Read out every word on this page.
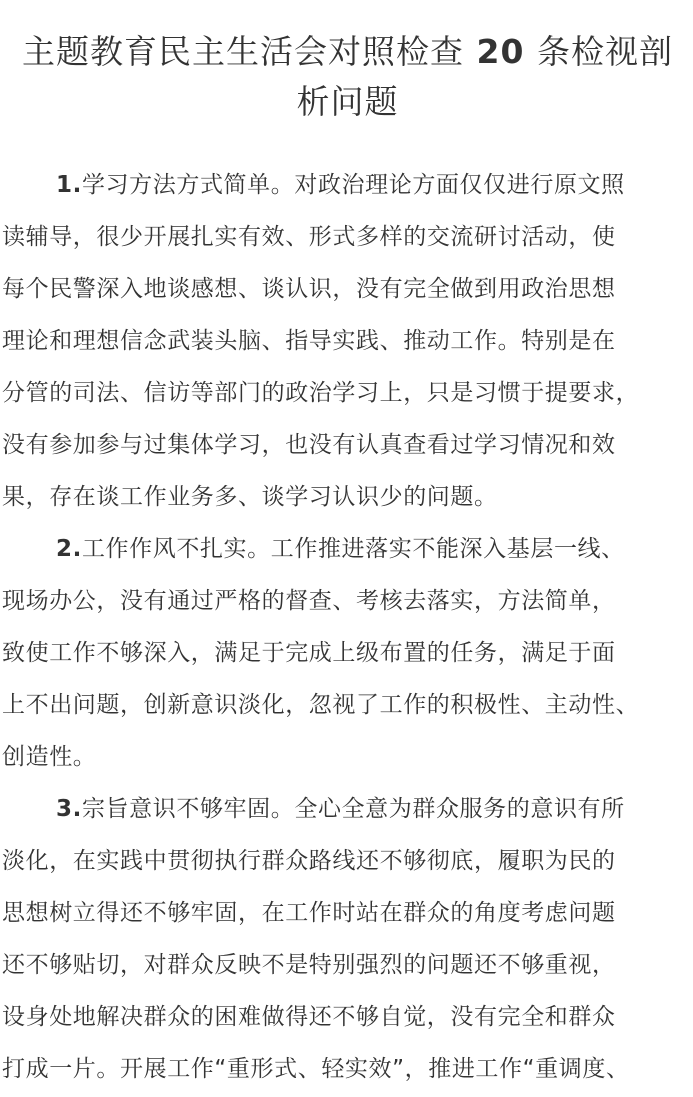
主题教育民主生活会对照检查 20 条检视剖
析问题

1.学习方法方式简单。对政治理论方面仅仅进行原文照
读辅导，很少开展扎实有效、形式多样的交流研讨活动，使
每个民警深入地谈感想、谈认识，没有完全做到用政治思想
理论和理想信念武装头脑、指导实践、推动工作。特别是在
分管的司法、信访等部门的政治学习上，只是习惯于提要求，
没有参加参与过集体学习，也没有认真查看过学习情况和效
果，存在谈工作业务多、谈学习认识少的问题。

2.工作作风不扎实。工作推进落实不能深入基层一线、
现场办公，没有通过严格的督查、考核去落实，方法简单，
致使工作不够深入，满足于完成上级布置的任务，满足于面
上不出问题，创新意识淡化，忽视了工作的积极性、主动性、
创造性。

3.宗旨意识不够牢固。全心全意为群众服务的意识有所
淡化，在实践中贯彻执行群众路线还不够彻底，履职为民的
思想树立得还不够牢固，在工作时站在群众的角度考虑问题
还不够贴切，对群众反映不是特别强烈的问题还不够重视，
设身处地解决群众的困难做得还不够自觉，没有完全和群众
打成一片。开展工作“重形式、轻实效”，推进工作“重调度、
